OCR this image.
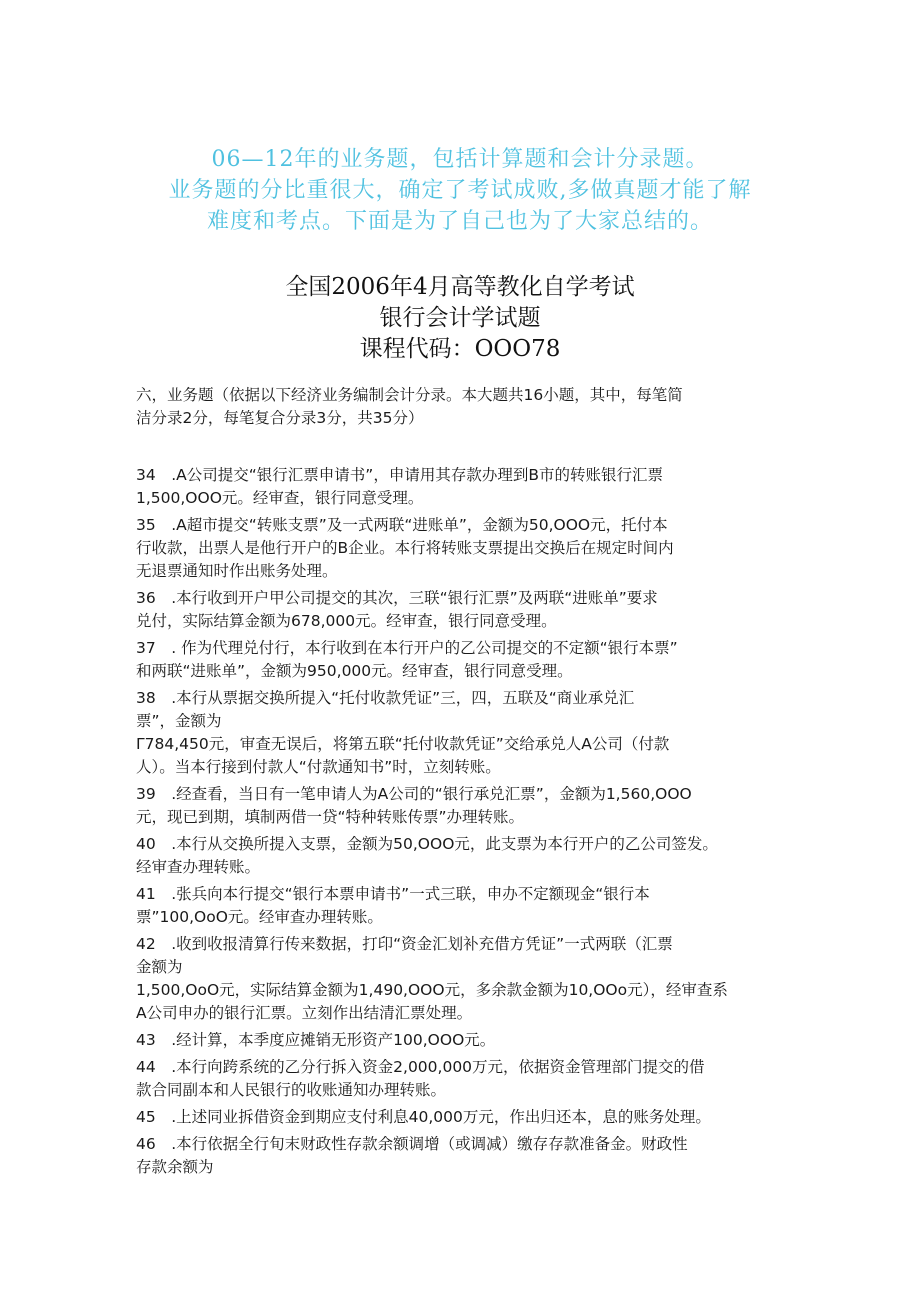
06—12年的业务题，包括计算题和会计分录题。

业务题的分比重很大，确定了考试成败,多做真题才能了解

难度和考点。下面是为了自己也为了大家总结的。

全国2006年4月高等教化自学考试

银行会计学试题

课程代码：OOO78

六，业务题（依据以下经济业务编制会计分录。本大题共16小题，其中，每笔简

洁分录2分，每笔复合分录3分，共35分）

34　.A公司提交“银行汇票申请书”，申请用其存款办理到B市的转账银行汇票

1,500,OOO元。经审查，银行同意受理。

35　.A超市提交“转账支票”及一式两联“进账单”，金额为50,OOO元，托付本

行收款，出票人是他行开户的B企业。本行将转账支票提出交换后在规定时间内

无退票通知时作出账务处理。

36　.本行收到开户甲公司提交的其次，三联“银行汇票”及两联“进账单”要求

兑付，实际结算金额为678,000元。经审查，银行同意受理。

37　. 作为代理兑付行，本行收到在本行开户的乙公司提交的不定额“银行本票”

和两联“进账单”，金额为950,000元。经审查，银行同意受理。

38　.本行从票据交换所提入“托付收款凭证”三，四，五联及“商业承兑汇

票”，金额为

Γ784,450元，审查无误后，将第五联“托付收款凭证”交给承兑人A公司（付款

人）。当本行接到付款人“付款通知书”时，立刻转账。

39　.经查看，当日有一笔申请人为A公司的“银行承兑汇票”，金额为1,560,OOO

元，现已到期，填制两借一贷“特种转账传票”办理转账。

40　.本行从交换所提入支票，金额为50,OOO元，此支票为本行开户的乙公司签发。

经审查办理转账。

41　.张兵向本行提交“银行本票申请书”一式三联，申办不定额现金“银行本

票”100,OoO元。经审查办理转账。

42　.收到收报清算行传来数据，打印“资金汇划补充借方凭证”一式两联（汇票

金额为

1,500,OoO元，实际结算金额为1,490,OOO元，多余款金额为10,OOo元），经审查系

A公司申办的银行汇票。立刻作出结清汇票处理。

43　.经计算，本季度应摊销无形资产100,OOO元。

44　.本行向跨系统的乙分行拆入资金2,000,000万元，依据资金管理部门提交的借

款合同副本和人民银行的收账通知办理转账。

45　.上述同业拆借资金到期应支付利息40,000万元，作出归还本，息的账务处理。

46　.本行依据全行旬末财政性存款余额调增（或调减）缴存存款准备金。财政性

存款余额为
